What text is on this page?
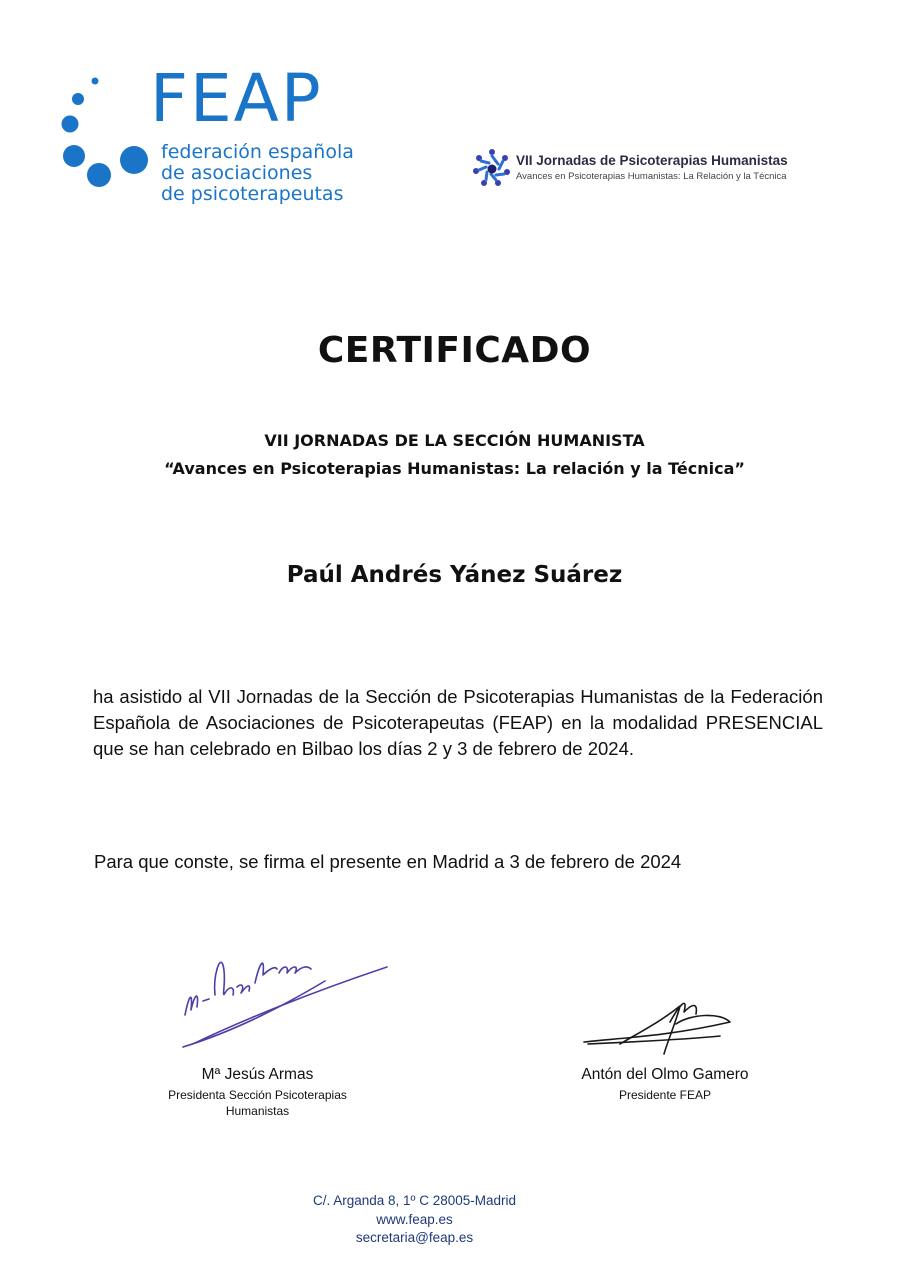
FEAP
federación española
de asociaciones
de psicoterapeutas
VII Jornadas de Psicoterapias Humanistas
Avances en Psicoterapias Humanistas: La Relación y la Técnica
CERTIFICADO
VII JORNADAS DE LA SECCIÓN HUMANISTA
“Avances en Psicoterapias Humanistas: La relación y la Técnica”
Paúl Andrés Yánez Suárez
ha asistido al VII Jornadas de la Sección de Psicoterapias Humanistas de la Federación Española de Asociaciones de Psicoterapeutas (FEAP) en la modalidad PRESENCIAL que se han celebrado en Bilbao los días 2 y 3 de febrero de 2024.
Para que conste, se firma el presente en Madrid a 3 de febrero de 2024
Mª Jesús Armas
Presidenta Sección Psicoterapias
Humanistas
Antón del Olmo Gamero
Presidente FEAP
C/. Arganda 8, 1º C 28005-Madrid
www.feap.es
secretaria@feap.es
